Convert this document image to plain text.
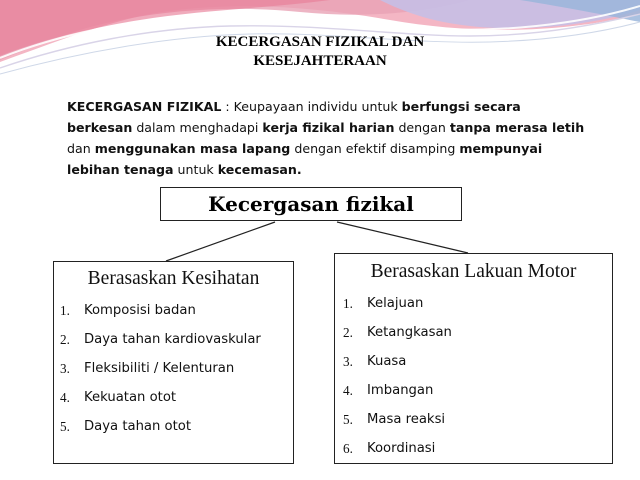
KECERGASAN FIZIKAL DAN
KESEJAHTERAAN
KECERGASAN FIZIKAL : Keupayaan individu untuk berfungsi secara berkesan dalam menghadapi kerja fizikal harian dengan tanpa merasa letih dan menggunakan masa lapang dengan efektif disamping mempunyai lebihan tenaga untuk kecemasan.
Kecergasan fizikal
Berasaskan Kesihatan
1.	Komposisi badan
2.	Daya tahan kardiovaskular
3.	Fleksibiliti / Kelenturan
4.	Kekuatan otot
5.	Daya tahan otot
Berasaskan Lakuan Motor
1.	Kelajuan
2.	Ketangkasan
3.	Kuasa
4.	Imbangan
5.	Masa reaksi
6.	Koordinasi
